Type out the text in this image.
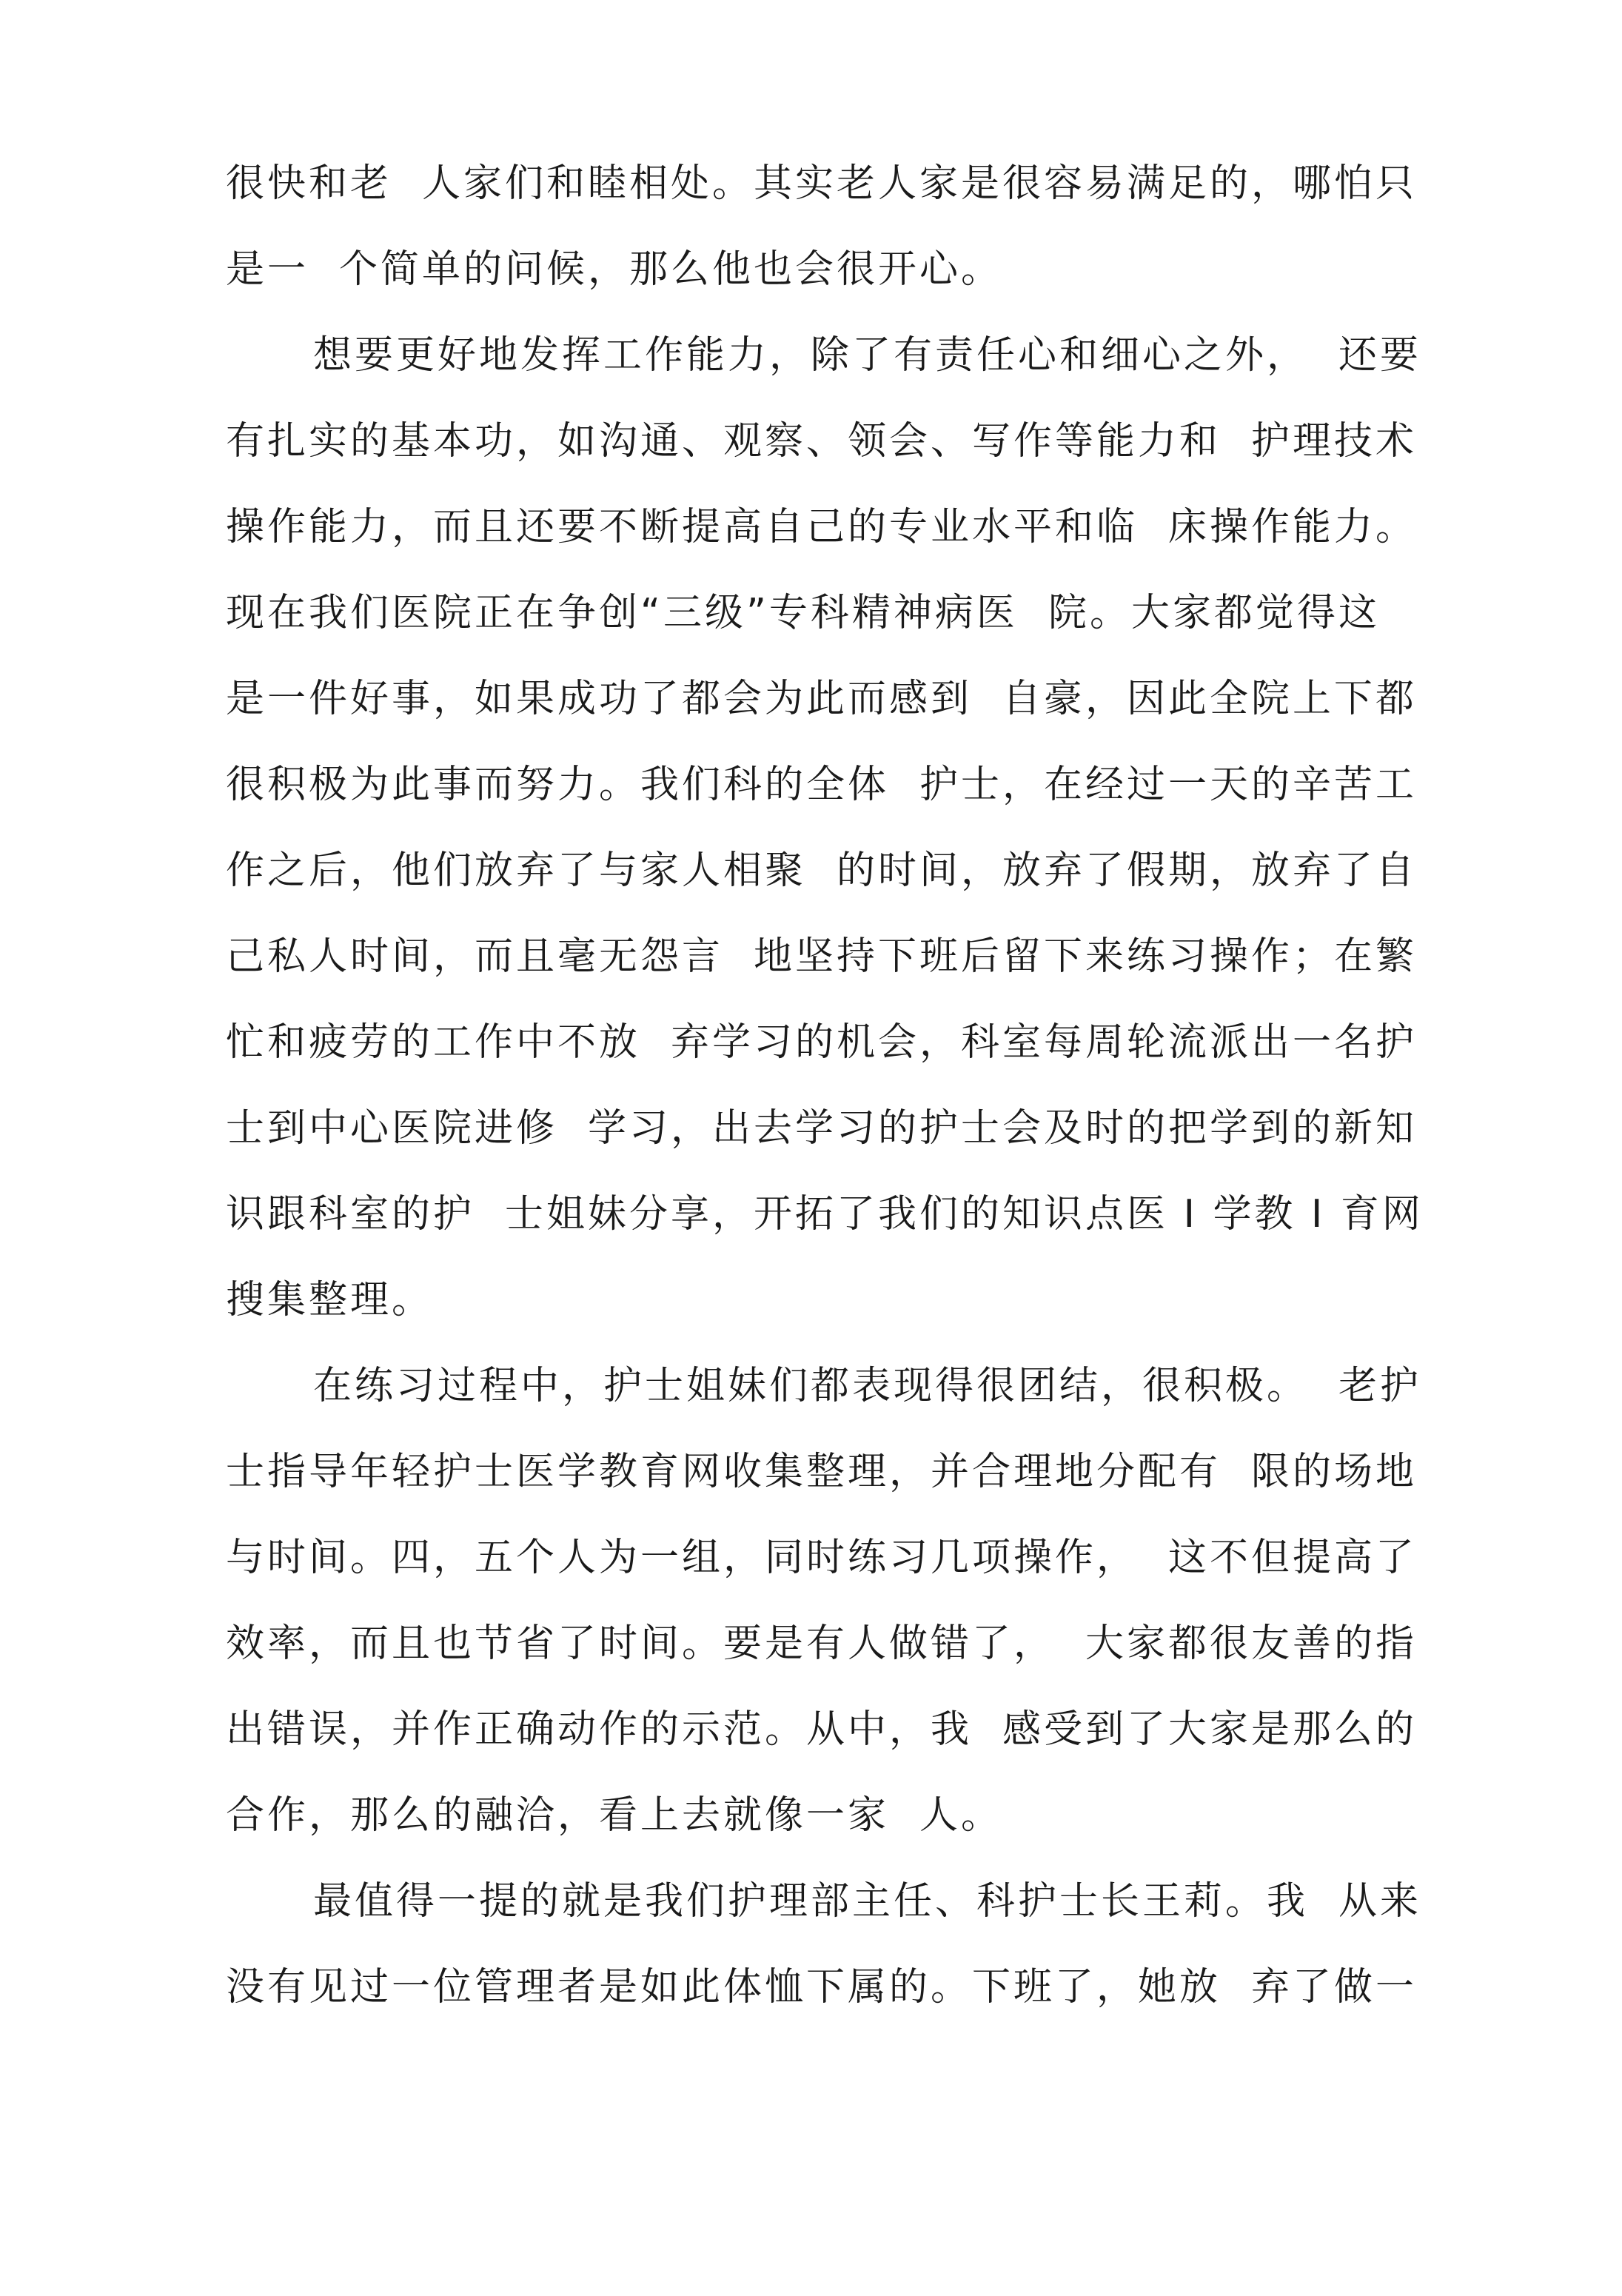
很快和老  人家们和睦相处。其实老人家是很容易满足的，哪怕只
是一  个简单的问候，那么他也会很开心。
想要更好地发挥工作能力，除了有责任心和细心之外，  还要
有扎实的基本功，如沟通、观察、领会、写作等能力和  护理技术
操作能力，而且还要不断提高自己的专业水平和临  床操作能力。
现在我们医院正在争创“三级”专科精神病医  院。大家都觉得这
是一件好事，如果成功了都会为此而感到  自豪，因此全院上下都
很积极为此事而努力。我们科的全体  护士，在经过一天的辛苦工
作之后，他们放弃了与家人相聚  的时间，放弃了假期，放弃了自
己私人时间，而且毫无怨言  地坚持下班后留下来练习操作；在繁
忙和疲劳的工作中不放  弃学习的机会，科室每周轮流派出一名护
士到中心医院进修  学习，出去学习的护士会及时的把学到的新知
识跟科室的护  士姐妹分享，开拓了我们的知识点医 I 学教 I 育网
搜集整理。
在练习过程中，护士姐妹们都表现得很团结，很积极。  老护
士指导年轻护士医学教育网收集整理，并合理地分配有  限的场地
与时间。四，五个人为一组，同时练习几项操作，  这不但提高了
效率，而且也节省了时间。要是有人做错了，  大家都很友善的指
出错误，并作正确动作的示范。从中，我  感受到了大家是那么的
合作，那么的融洽，看上去就像一家  人。
最值得一提的就是我们护理部主任、科护士长王莉。我  从来
没有见过一位管理者是如此体恤下属的。下班了，她放  弃了做一
